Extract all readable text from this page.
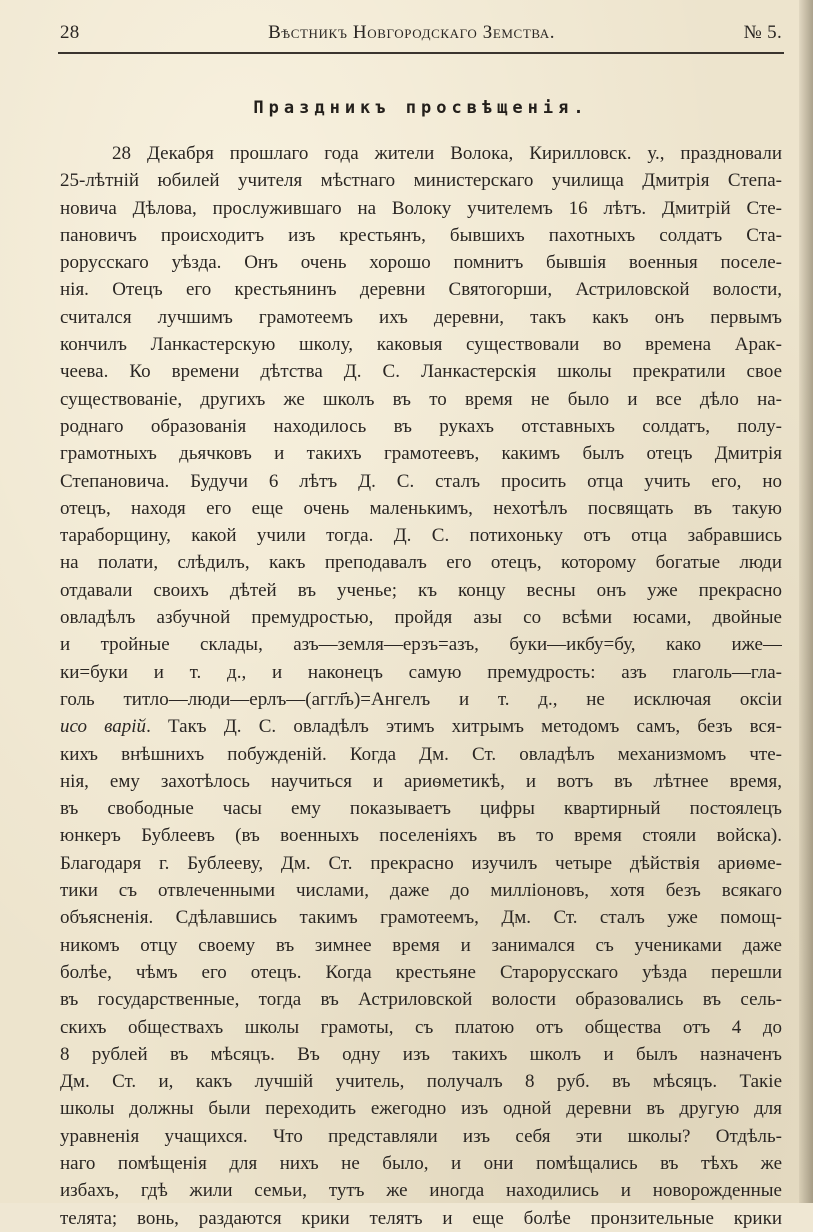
28	Вѣстникъ Новгородскаго Земства.	№ 5.
Праздникъ просвѣщенія.
28 Декабря прошлаго года жители Волока, Кирилловск. у., праздновали
25-лѣтній юбилей учителя мѣстнаго министерскаго училища Дмитрія Степа-
новича Дѣлова, прослужившаго на Волоку учителемъ 16 лѣтъ. Дмитрій Сте-
пановичъ происходитъ изъ крестьянъ, бывшихъ пахотныхъ солдатъ Ста-
рорусскаго уѣзда. Онъ очень хорошо помнитъ бывшія военныя поселе-
нія. Отецъ его крестьянинъ деревни Святогорши, Астриловской волости,
считался лучшимъ грамотеемъ ихъ деревни, такъ какъ онъ первымъ
кончилъ Ланкастерскую школу, каковыя существовали во времена Арак-
чеева. Ко времени дѣтства Д. С. Ланкастерскія школы прекратили свое
существованіе, другихъ же школъ въ то время не было и все дѣло на-
роднаго образованія находилось въ рукахъ отставныхъ солдатъ, полу-
грамотныхъ дьячковъ и такихъ грамотеевъ, какимъ былъ отецъ Дмитрія
Степановича. Будучи 6 лѣтъ Д. С. сталъ просить отца учить его, но
отецъ, находя его еще очень маленькимъ, нехотѣлъ посвящать въ такую
тараборщину, какой учили тогда. Д. С. потихоньку отъ отца забравшись
на полати, слѣдилъ, какъ преподавалъ его отецъ, которому богатые люди
отдавали своихъ дѣтей въ ученье; къ концу весны онъ уже прекрасно
овладѣлъ азбучной премудростью, пройдя азы со всѣми юсами, двойные
и тройные склады, азъ—земля—ерзъ=азъ, буки—икбу=бу, како иже—
ки=буки и т. д., и наконецъ самую премудрость: азъ глаголь—гла-
голь титло—люди—ерлъ—(аггл҃ъ)=Ангелъ и т. д., не исключая оксіи
исо варій. Такъ Д. С. овладѣлъ этимъ хитрымъ методомъ самъ, безъ вся-
кихъ внѣшнихъ побужденій. Когда Дм. Ст. овладѣлъ механизмомъ чте-
нія, ему захотѣлось научиться и ариѳметикѣ, и вотъ въ лѣтнее время,
въ свободные часы ему показываетъ цифры квартирный постоялецъ
юнкеръ Бублеевъ (въ военныхъ поселеніяхъ въ то время стояли войска).
Благодаря г. Бублееву, Дм. Ст. прекрасно изучилъ четыре дѣйствія ариѳме-
тики съ отвлеченными числами, даже до милліоновъ, хотя безъ всякаго
объясненія. Сдѣлавшись такимъ грамотеемъ, Дм. Ст. сталъ уже помощ-
никомъ отцу своему въ зимнее время и занимался съ учениками даже
болѣе, чѣмъ его отецъ. Когда крестьяне Старорусскаго уѣзда перешли
въ государственные, тогда въ Астриловской волости образовались въ сель-
скихъ обществахъ школы грамоты, съ платою отъ общества отъ 4 до
8 рублей въ мѣсяцъ. Въ одну изъ такихъ школъ и былъ назначенъ
Дм. Ст. и, какъ лучшій учитель, получалъ 8 руб. въ мѣсяцъ. Такіе
школы должны были переходить ежегодно изъ одной деревни въ другую для
уравненія учащихся. Что представляли изъ себя эти школы? Отдѣль-
наго помѣщенія для нихъ не было, и они помѣщались въ тѣхъ же
избахъ, гдѣ жили семьи, тутъ же иногда находились и новорожденные
телята; вонь, раздаются крики телятъ и еще болѣе пронзительные крики
